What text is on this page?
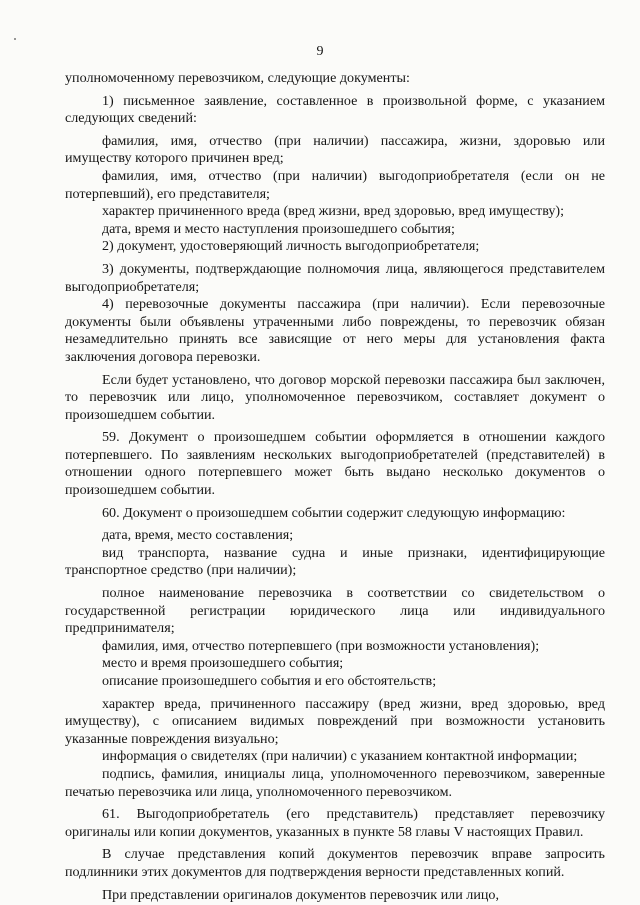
9

уполномоченному перевозчиком, следующие документы:

1) письменное заявление, составленное в произвольной форме, с указанием следующих сведений:

фамилия, имя, отчество (при наличии) пассажира, жизни, здоровью или имуществу которого причинен вред;

фамилия, имя, отчество (при наличии) выгодоприобретателя (если он не потерпевший), его представителя;

характер причиненного вреда (вред жизни, вред здоровью, вред имуществу);

дата, время и место наступления произошедшего события;

2) документ, удостоверяющий личность выгодоприобретателя;

3) документы, подтверждающие полномочия лица, являющегося представителем выгодоприобретателя;

4) перевозочные документы пассажира (при наличии). Если перевозочные документы были объявлены утраченными либо повреждены, то перевозчик обязан незамедлительно принять все зависящие от него меры для установления факта заключения договора перевозки.

Если будет установлено, что договор морской перевозки пассажира был заключен, то перевозчик или лицо, уполномоченное перевозчиком, составляет документ о произошедшем событии.

59. Документ о произошедшем событии оформляется в отношении каждого потерпевшего. По заявлениям нескольких выгодоприобретателей (представителей) в отношении одного потерпевшего может быть выдано несколько документов о произошедшем событии.

60. Документ о произошедшем событии содержит следующую информацию:

дата, время, место составления;

вид транспорта, название судна и иные признаки, идентифицирующие транспортное средство (при наличии);

полное наименование перевозчика в соответствии со свидетельством о государственной регистрации юридического лица или индивидуального предпринимателя;

фамилия, имя, отчество потерпевшего (при возможности установления);

место и время произошедшего события;

описание произошедшего события и его обстоятельств;

характер вреда, причиненного пассажиру (вред жизни, вред здоровью, вред имуществу), с описанием видимых повреждений при возможности установить указанные повреждения визуально;

информация о свидетелях (при наличии) с указанием контактной информации;

подпись, фамилия, инициалы лица, уполномоченного перевозчиком, заверенные печатью перевозчика или лица, уполномоченного перевозчиком.

61. Выгодоприобретатель (его представитель) представляет перевозчику оригиналы или копии документов, указанных в пункте 58 главы V настоящих Правил.

В случае представления копий документов перевозчик вправе запросить подлинники этих документов для подтверждения верности представленных копий.

При представлении оригиналов документов перевозчик или лицо,
